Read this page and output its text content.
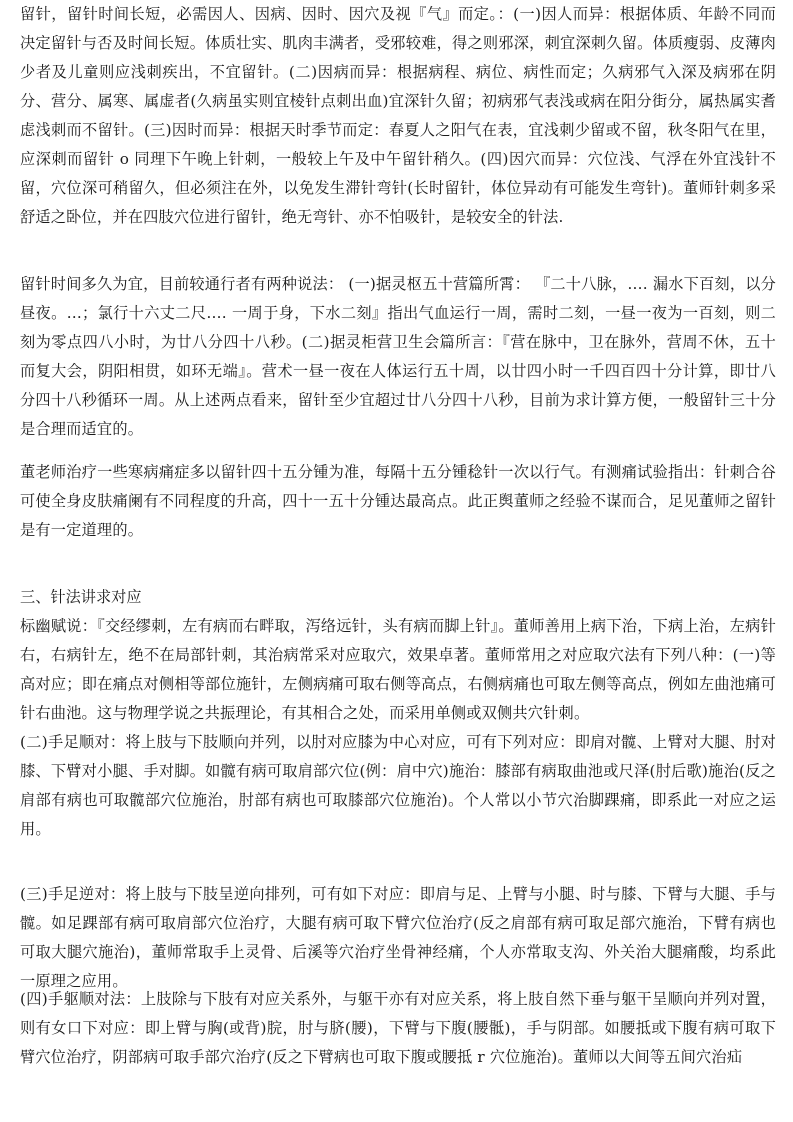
留针，留针时间长短，必需因人、因病、因时、因穴及视『气』而定。：(一)因人而异：根据体质、年龄不同而决定留针与否及时间长短。体质壮实、肌肉丰满者，受邪较难，得之则邪深，刺宜深刺久留。体质瘦弱、皮薄肉少者及儿童则应浅刺疾出，不宜留针。(二)因病而异：根据病程、病位、病性而定；久病邪气入深及病邪在阴分、营分、属寒、属虚者(久病虽实则宜棱针点刺出血)宜深针久留；初病邪气表浅或病在阳分街分，属热属实耆虑浅刺而不留针。(三)因时而异：根据天时季节而定：春夏人之阳气在表，宜浅刺少留或不留，秋冬阳气在里，应深刺而留针 o 同理下午晚上针刺，一般较上午及中午留针稍久。(四)因穴而异：穴位浅、气浮在外宜浅针不留，穴位深可稍留久，但必须注在外，以免发生滞针弯针(长时留针，体位异动有可能发生弯针)。董师针刺多采舒适之卧位，并在四肢穴位进行留针，绝无弯针、亦不怕吸针，是较安全的针法.

留针时间多久为宜，目前较通行者有两种说法： (一)据灵枢五十营篇所霄： 『二十八脉，…. 漏水下百刻，以分昼夜。…；氯行十六丈二尺…. 一周于身，下水二刻』指出气血运行一周，需时二刻，一昼一夜为一百刻，则二刻为零点四八小时，为廿八分四十八秒。(二)据灵柜营卫生会篇所言：『营在脉中，卫在脉外，营周不休，五十而复大会，阴阳相贯，如环无端』。营术一昼一夜在人体运行五十周，以廿四小时一千四百四十分计算，即廿八分四十八秒循环一周。从上述两点看来，留针至少宜超过廿八分四十八秒，目前为求计算方便，一般留针三十分是合理而适宜的。

董老师治疗一些寒病痛症多以留针四十五分锺为准，每隔十五分锺稔针一次以行气。有测痛试验指出：针刺合谷可使全身皮肤痛阑有不同程度的升高，四十一五十分锺达最高点。此正舆董师之经验不谋而合，足见董师之留针是有一定道理的。

三、针法讲求对应

标幽赋说：『交经缪刺，左有病而右畔取，泻络远针，头有病而脚上针』。董师善用上病下治，下病上治，左病针右，右病针左，绝不在局部针刺，其治病常采对应取穴，效果卓著。董师常用之对应取穴法有下列八种：(一)等高对应；即在痛点对侧相等部位施针，左侧病痛可取右侧等高点，右侧病痛也可取左侧等高点，例如左曲池痛可针右曲池。这与物理学说之共振理论，有其相合之处，而采用单侧或双侧共穴针刺。

(二)手足顺对：将上肢与下肢顺向并列，以肘对应膝为中心对应，可有下列对应：即肩对髋、上臂对大腿、肘对膝、下臂对小腿、手对脚。如髋有病可取肩部穴位(例：肩中穴)施治：膝部有病取曲池或尺泽(肘后歌)施治(反之肩部有病也可取髋部穴位施治，肘部有病也可取膝部穴位施治)。个人常以小节穴治脚踝痛，即系此一对应之运用。

(三)手足逆对：将上肢与下肢呈逆向排列，可有如下对应：即肩与足、上臂与小腿、时与膝、下臂与大腿、手与髋。如足踝部有病可取肩部穴位治疗，大腿有病可取下臂穴位治疗(反之肩部有病可取足部穴施治，下臂有病也可取大腿穴施治)，董师常取手上灵骨、后溪等穴治疗坐骨神经痛，个人亦常取支沟、外关治大腿痛酸，均系此一原理之应用。

(四)手躯顺对法：上肢除与下肢有对应关系外，与躯干亦有对应关系，将上肢自然下垂与躯干呈顺向并列对置，则有女口下对应：即上臂与胸(或背)脘，肘与脐(腰)，下臂与下腹(腰骶)，手与阴部。如腰抵或下腹有病可取下臂穴位治疗，阴部病可取手部穴治疗(反之下臂病也可取下腹或腰抵 r 穴位施治)。董师以大间等五间穴治疝
